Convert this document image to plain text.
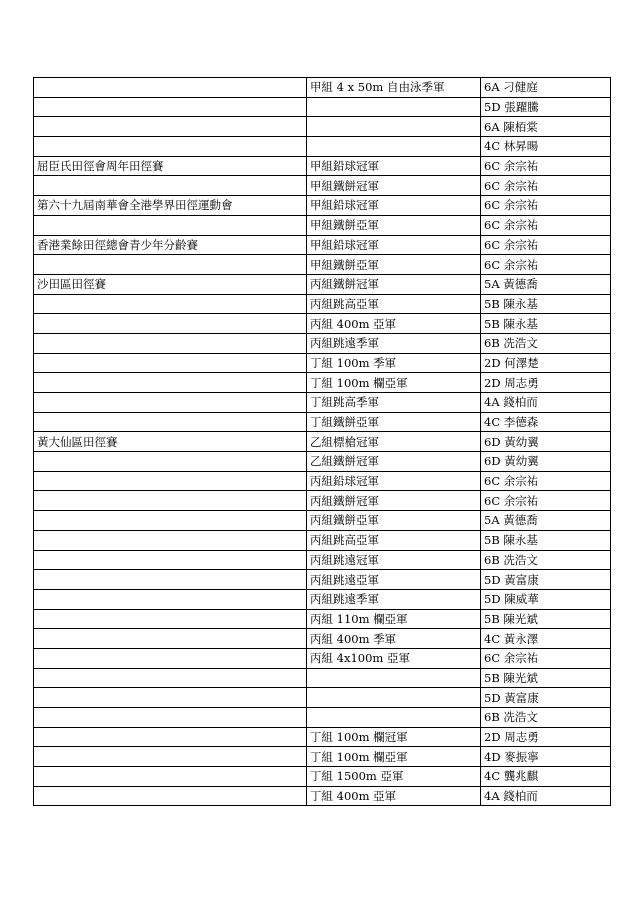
	甲組 4 x 50m 自由泳季軍	6A 刁健庭
		5D 張躍騰
		6A 陳栢棠
		4C 林昇暘
屈臣氏田徑會周年田徑賽	甲組鉛球冠軍	6C 余宗祐
	甲組鐵餅冠軍	6C 余宗祐
第六十九屆南華會全港學界田徑運動會	甲組鉛球冠軍	6C 余宗祐
	甲組鐵餅亞軍	6C 余宗祐
香港業餘田徑總會青少年分齡賽	甲組鉛球冠軍	6C 余宗祐
	甲組鐵餅亞軍	6C 余宗祐
沙田區田徑賽	丙組鐵餅冠軍	5A 黃德喬
	丙組跳高亞軍	5B 陳永基
	丙組 400m 亞軍	5B 陳永基
	丙組跳遠季軍	6B 冼浩文
	丁組 100m 季軍	2D 何澤楚
	丁組 100m 欄亞軍	2D 周志勇
	丁組跳高季軍	4A 錢柏而
	丁組鐵餅亞軍	4C 李德森
黃大仙區田徑賽	乙組標槍冠軍	6D 黃幼翼
	乙組鐵餅冠軍	6D 黃幼翼
	丙組鉛球冠軍	6C 余宗祐
	丙組鐵餅冠軍	6C 余宗祐
	丙組鐵餅亞軍	5A 黃德喬
	丙組跳高亞軍	5B 陳永基
	丙組跳遠冠軍	6B 冼浩文
	丙組跳遠亞軍	5D 黃富康
	丙組跳遠季軍	5D 陳威華
	丙組 110m 欄亞軍	5B 陳光斌
	丙組 400m 季軍	4C 黃永澤
	丙組 4x100m 亞軍	6C 余宗祐
		5B 陳光斌
		5D 黃富康
		6B 冼浩文
	丁組 100m 欄冠軍	2D 周志勇
	丁組 100m 欄亞軍	4D 麥振寧
	丁組 1500m 亞軍	4C 龔兆麒
	丁組 400m 亞軍	4A 錢柏而
